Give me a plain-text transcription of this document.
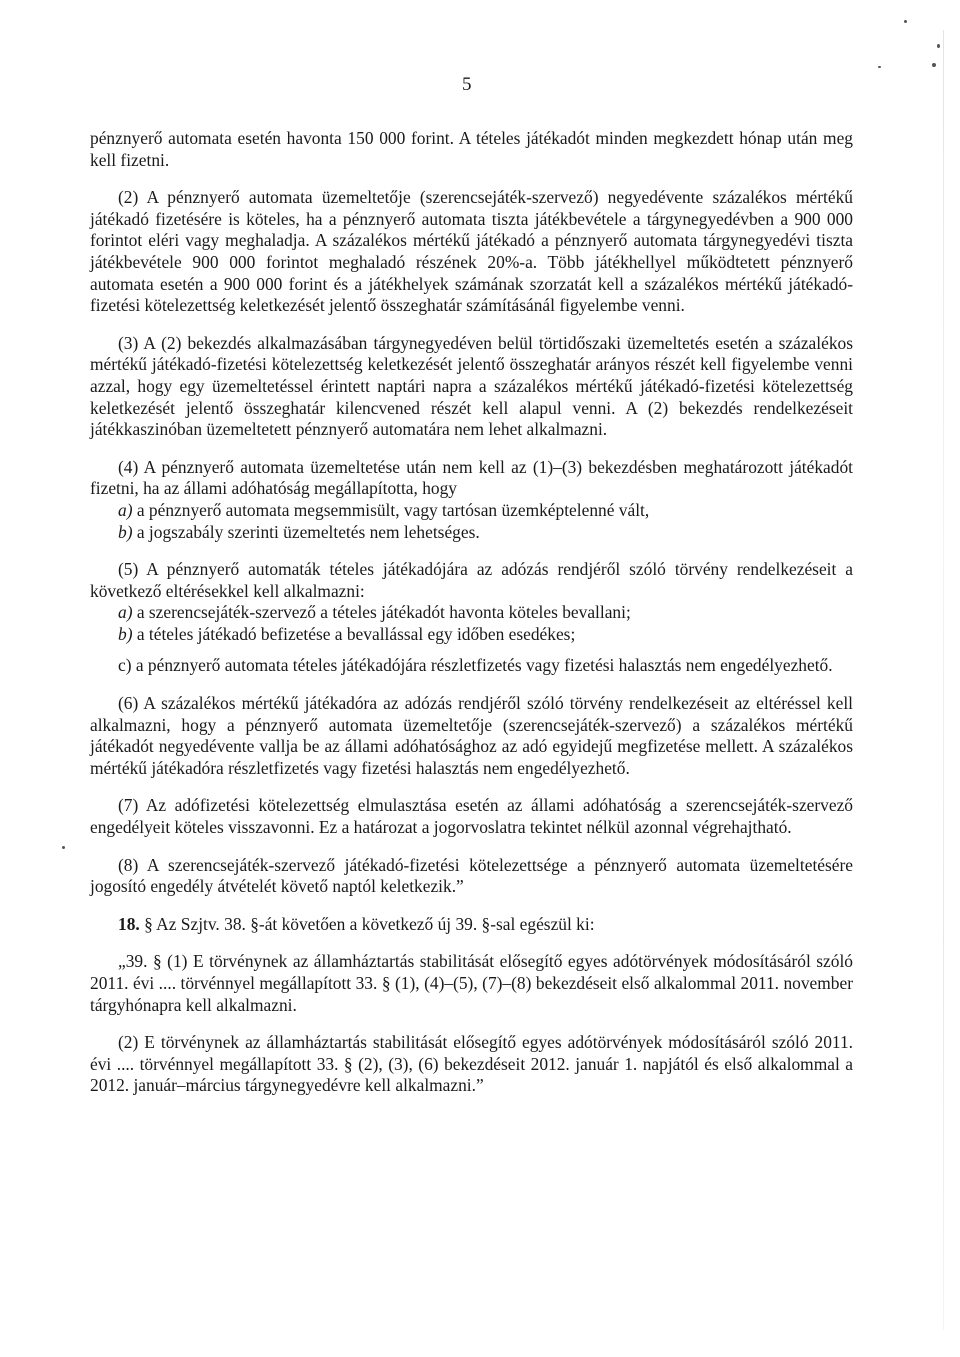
5

pénznyerő automata esetén havonta 150 000 forint. A tételes játékadót minden megkezdett hónap után meg kell fizetni.

(2) A pénznyerő automata üzemeltetője (szerencsejáték-szervező) negyedévente százalékos mértékű játékadó fizetésére is köteles, ha a pénznyerő automata tiszta játékbevétele a tárgynegyedévben a 900 000 forintot eléri vagy meghaladja. A százalékos mértékű játékadó a pénznyerő automata tárgynegyedévi tiszta játékbevétele 900 000 forintot meghaladó részének 20%-a. Több játékhellyel működtetett pénznyerő automata esetén a 900 000 forint és a játékhelyek számának szorzatát kell a százalékos mértékű játékadó-fizetési kötelezettség keletkezését jelentő összeghatár számításánál figyelembe venni.

(3) A (2) bekezdés alkalmazásában tárgynegyedéven belül törtidőszaki üzemeltetés esetén a százalékos mértékű játékadó-fizetési kötelezettség keletkezését jelentő összeghatár arányos részét kell figyelembe venni azzal, hogy egy üzemeltetéssel érintett naptári napra a százalékos mértékű játékadó-fizetési kötelezettség keletkezését jelentő összeghatár kilencvened részét kell alapul venni. A (2) bekezdés rendelkezéseit játékkaszinóban üzemeltetett pénznyerő automatára nem lehet alkalmazni.

(4) A pénznyerő automata üzemeltetése után nem kell az (1)–(3) bekezdésben meghatározott játékadót fizetni, ha az állami adóhatóság megállapította, hogy

a) a pénznyerő automata megsemmisült, vagy tartósan üzemképtelenné vált,

b) a jogszabály szerinti üzemeltetés nem lehetséges.

(5) A pénznyerő automaták tételes játékadójára az adózás rendjéről szóló törvény rendelkezéseit a következő eltérésekkel kell alkalmazni:

a) a szerencsejáték-szervező a tételes játékadót havonta köteles bevallani;

b) a tételes játékadó befizetése a bevallással egy időben esedékes;

c) a pénznyerő automata tételes játékadójára részletfizetés vagy fizetési halasztás nem engedélyezhető.

(6) A százalékos mértékű játékadóra az adózás rendjéről szóló törvény rendelkezéseit az eltéréssel kell alkalmazni, hogy a pénznyerő automata üzemeltetője (szerencsejáték-szervező) a százalékos mértékű játékadót negyedévente vallja be az állami adóhatósághoz az adó egyidejű megfizetése mellett. A százalékos mértékű játékadóra részletfizetés vagy fizetési halasztás nem engedélyezhető.

(7) Az adófizetési kötelezettség elmulasztása esetén az állami adóhatóság a szerencsejáték-szervező engedélyeit köteles visszavonni. Ez a határozat a jogorvoslatra tekintet nélkül azonnal végrehajtható.

(8) A szerencsejáték-szervező játékadó-fizetési kötelezettsége a pénznyerő automata üzemeltetésére jogosító engedély átvételét követő naptól keletkezik.”

18. § Az Szjtv. 38. §-át követően a következő új 39. §-sal egészül ki:

„39. § (1) E törvénynek az államháztartás stabilitását elősegítő egyes adótörvények módosításáról szóló 2011. évi .... törvénnyel megállapított 33. § (1), (4)–(5), (7)–(8) bekezdéseit első alkalommal 2011. november tárgyhónapra kell alkalmazni.

(2) E törvénynek az államháztartás stabilitását elősegítő egyes adótörvények módosításáról szóló 2011. évi .... törvénnyel megállapított 33. § (2), (3), (6) bekezdéseit 2012. január 1. napjától és első alkalommal a 2012. január–március tárgynegyedévre kell alkalmazni.”
